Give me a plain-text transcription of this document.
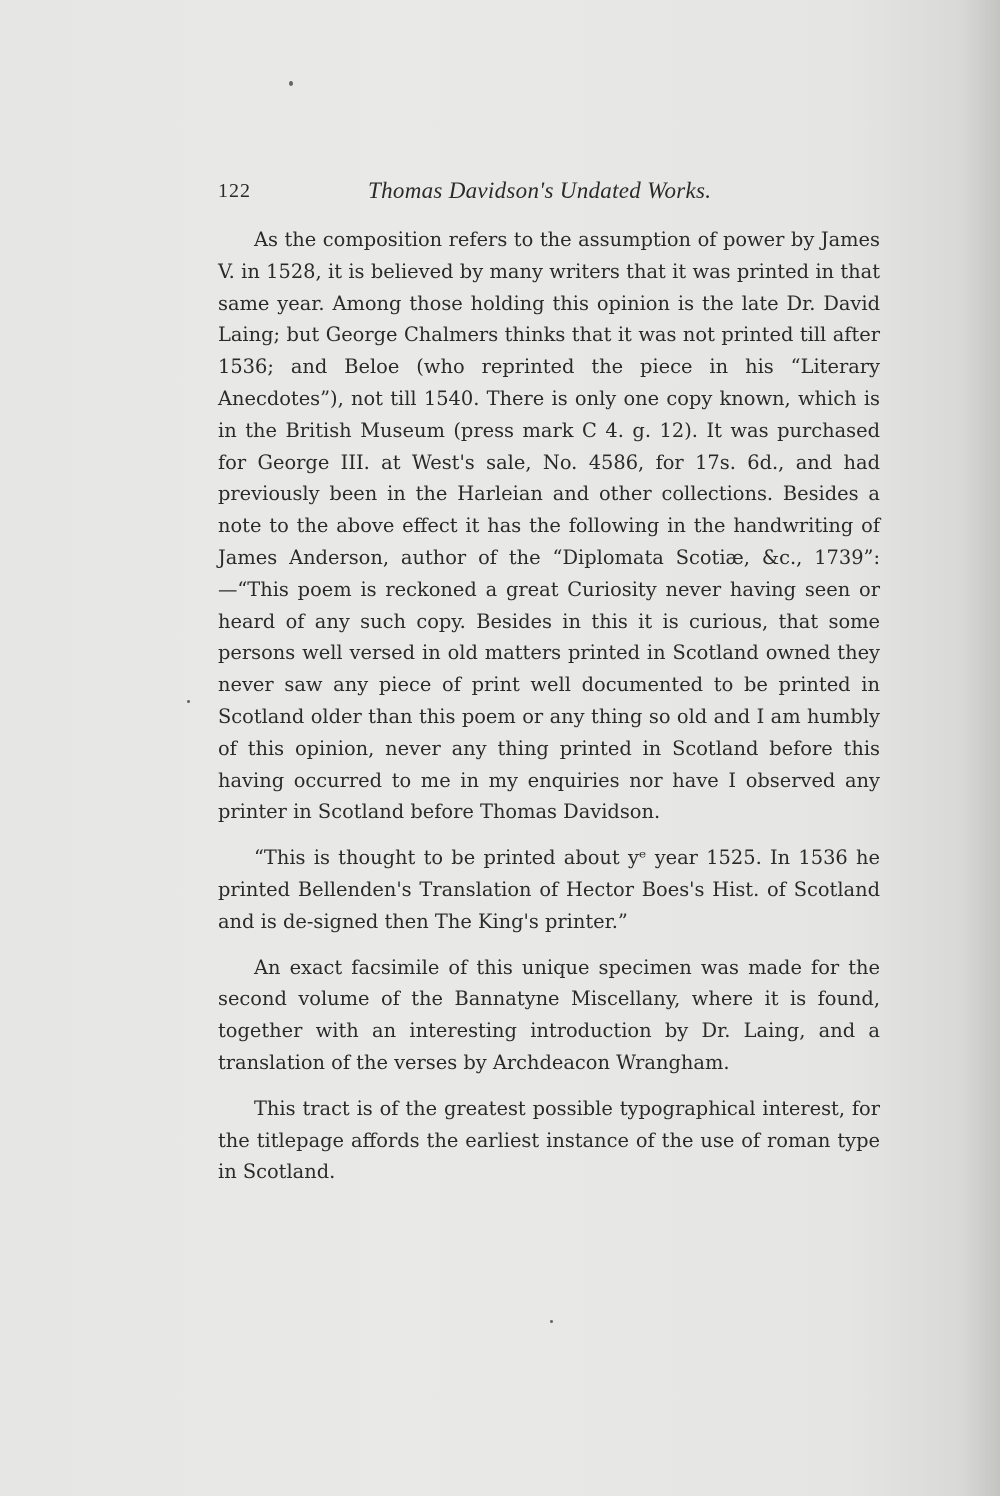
122	Thomas Davidson's Undated Works.

As the composition refers to the assumption of power by James V. in 1528, it is believed by many writers that it was printed in that same year. Among those holding this opinion is the late Dr. David Laing; but George Chalmers thinks that it was not printed till after 1536; and Beloe (who reprinted the piece in his “Literary Anecdotes”), not till 1540. There is only one copy known, which is in the British Museum (press mark C 4. g. 12). It was purchased for George III. at West's sale, No. 4586, for 17s. 6d., and had previously been in the Harleian and other collections. Besides a note to the above effect it has the following in the handwriting of James Anderson, author of the “Diplomata Scotiæ, &c., 1739”:—“This poem is reckoned a great Curiosity never having seen or heard of any such copy. Besides in this it is curious, that some persons well versed in old matters printed in Scotland owned they never saw any piece of print well documented to be printed in Scotland older than this poem or any thing so old and I am humbly of this opinion, never any thing printed in Scotland before this having occurred to me in my enquiries nor have I observed any printer in Scotland before Thomas Davidson.

“This is thought to be printed about yᵉ year 1525. In 1536 he printed Bellenden's Translation of Hector Boes's Hist. of Scotland and is de-signed then The King's printer.”

An exact facsimile of this unique specimen was made for the second volume of the Bannatyne Miscellany, where it is found, together with an interesting introduction by Dr. Laing, and a translation of the verses by Archdeacon Wrangham.

This tract is of the greatest possible typographical interest, for the titlepage affords the earliest instance of the use of roman type in Scotland.
